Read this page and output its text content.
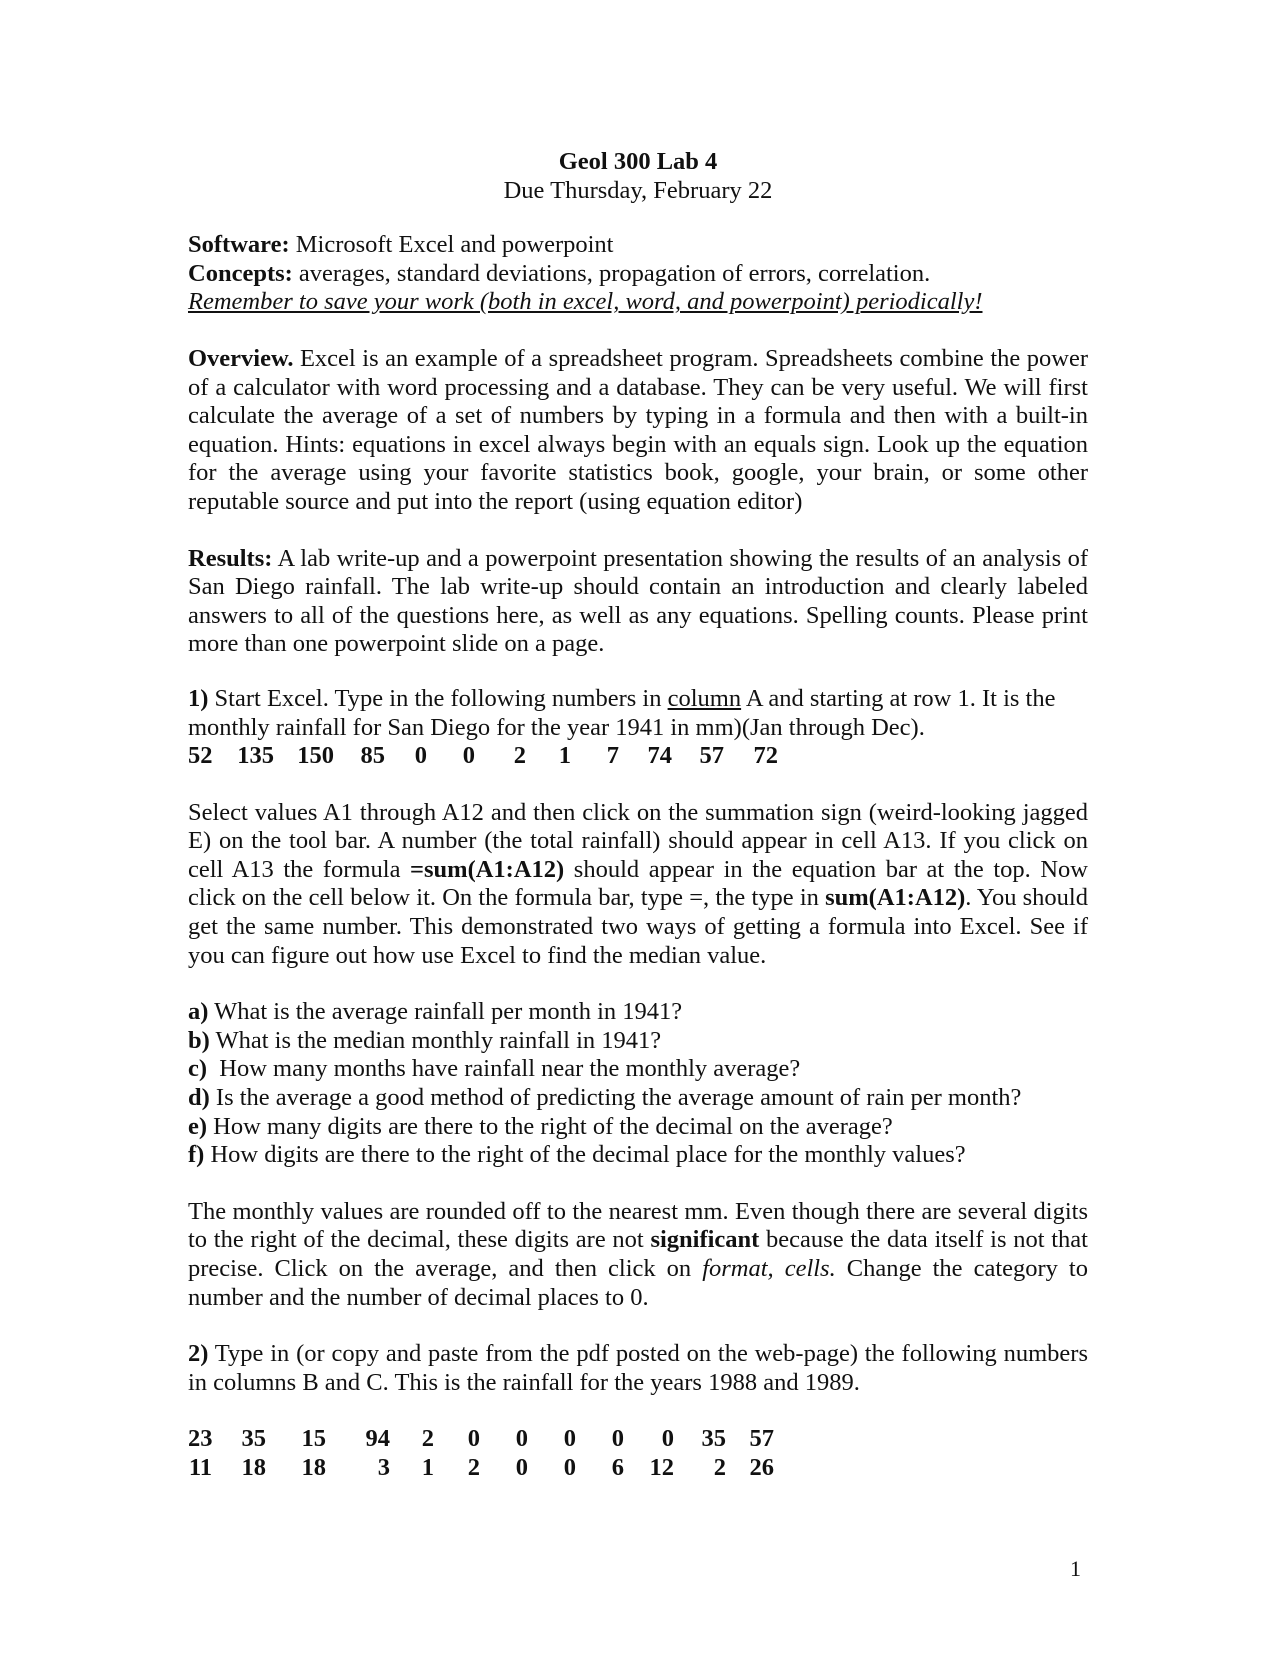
Geol 300 Lab 4

Due Thursday, February 22

Software: Microsoft Excel and powerpoint

Concepts: averages, standard deviations, propagation of errors, correlation.

Remember to save your work (both in excel, word, and powerpoint) periodically!

Overview. Excel is an example of a spreadsheet program. Spreadsheets combine the power of a calculator with word processing and a database. They can be very useful. We will first calculate the average of a set of numbers by typing in a formula and then with a built-in equation. Hints: equations in excel always begin with an equals sign. Look up the equation for the average using your favorite statistics book, google, your brain, or some other reputable source and put into the report (using equation editor)

Results: A lab write-up and a powerpoint presentation showing the results of an analysis of San Diego rainfall. The lab write-up should contain an introduction and clearly labeled answers to all of the questions here, as well as any equations. Spelling counts. Please print more than one powerpoint slide on a page.

1) Start Excel. Type in the following numbers in column A and starting at row 1. It is the monthly rainfall for San Diego for the year 1941 in mm)(Jan through Dec).

52	135 150	85	0	0	2	1	7	74	57	72

Select values A1 through A12 and then click on the summation sign (weird-looking jagged E) on the tool bar. A number (the total rainfall) should appear in cell A13. If you click on cell A13 the formula =sum(A1:A12) should appear in the equation bar at the top. Now click on the cell below it. On the formula bar, type =, the type in sum(A1:A12). You should get the same number. This demonstrated two ways of getting a formula into Excel. See if you can figure out how use Excel to find the median value.

a) What is the average rainfall per month in 1941?

b) What is the median monthly rainfall in 1941?

c)  How many months have rainfall near the monthly average?

d) Is the average a good method of predicting the average amount of rain per month?

e) How many digits are there to the right of the decimal on the average?

f) How digits are there to the right of the decimal place for the monthly values?

The monthly values are rounded off to the nearest mm. Even though there are several digits to the right of the decimal, these digits are not significant because the data itself is not that precise. Click on the average, and then click on format, cells. Change the category to number and the number of decimal places to 0.

2) Type in (or copy and paste from the pdf posted on the web-page) the following numbers in columns B and C. This is the rainfall for the years 1988 and 1989.

23	35	15	94	2	0	0	0	0	0	35 57
11	18	18	3	1	2	0	0	6	12	2 26
1
